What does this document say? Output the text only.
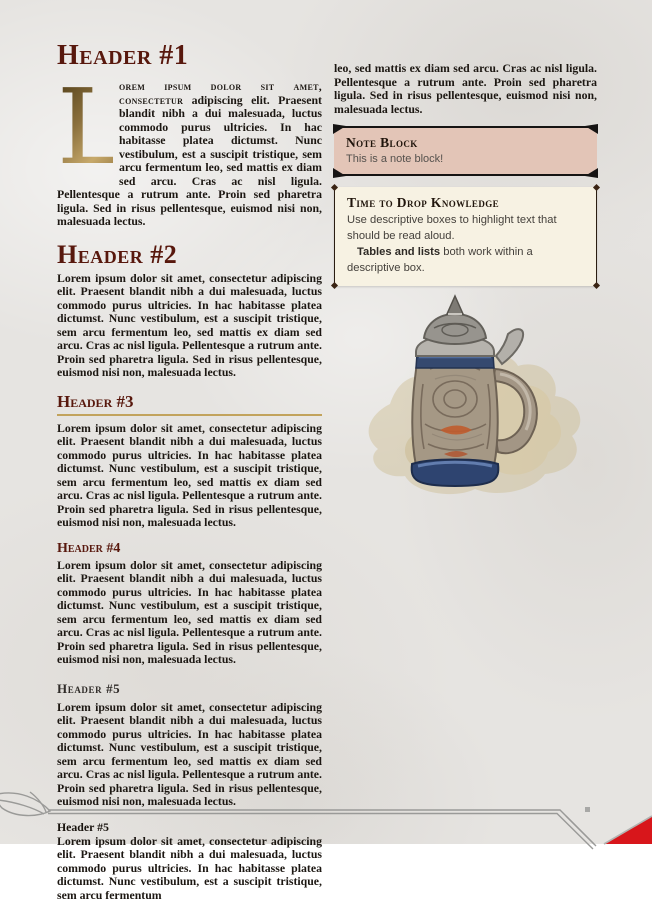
Header #1

L
orem ipsum dolor sit amet, consectetur adipiscing elit. Praesent blandit nibh a dui malesuada, luctus commodo purus ultricies. In hac habitasse platea dictumst. Nunc vestibulum, est a suscipit tristique, sem arcu fermentum leo, sed mattis ex diam sed arcu. Cras ac nisl ligula. Pellentesque a rutrum ante. Proin sed pharetra ligula. Sed in risus pellentesque, euismod nisi non, malesuada lectus.

Header #2

Lorem ipsum dolor sit amet, consectetur adipiscing elit. Praesent blandit nibh a dui malesuada, luctus commodo purus ultricies. In hac habitasse platea dictumst. Nunc vestibulum, est a suscipit tristique, sem arcu fermentum leo, sed mattis ex diam sed arcu. Cras ac nisl ligula. Pellentesque a rutrum ante. Proin sed pharetra ligula. Sed in risus pellentesque, euismod nisi non, malesuada lectus.

Header #3

Lorem ipsum dolor sit amet, consectetur adipiscing elit. Praesent blandit nibh a dui malesuada, luctus commodo purus ultricies. In hac habitasse platea dictumst. Nunc vestibulum, est a suscipit tristique, sem arcu fermentum leo, sed mattis ex diam sed arcu. Cras ac nisl ligula. Pellentesque a rutrum ante. Proin sed pharetra ligula. Sed in risus pellentesque, euismod nisi non, malesuada lectus.

Header #4

Lorem ipsum dolor sit amet, consectetur adipiscing elit. Praesent blandit nibh a dui malesuada, luctus commodo purus ultricies. In hac habitasse platea dictumst. Nunc vestibulum, est a suscipit tristique, sem arcu fermentum leo, sed mattis ex diam sed arcu. Cras ac nisl ligula. Pellentesque a rutrum ante. Proin sed pharetra ligula. Sed in risus pellentesque, euismod nisi non, malesuada lectus.

Header #5

Lorem ipsum dolor sit amet, consectetur adipiscing elit. Praesent blandit nibh a dui malesuada, luctus commodo purus ultricies. In hac habitasse platea dictumst. Nunc vestibulum, est a suscipit tristique, sem arcu fermentum leo, sed mattis ex diam sed arcu. Cras ac nisl ligula. Pellentesque a rutrum ante. Proin sed pharetra ligula. Sed in risus pellentesque, euismod nisi non, malesuada lectus.

Header #5

Lorem ipsum dolor sit amet, consectetur adipiscing elit. Praesent blandit nibh a dui malesuada, luctus commodo purus ultricies. In hac habitasse platea dictumst. Nunc vestibulum, est a suscipit tristique, sem arcu fermentum

leo, sed mattis ex diam sed arcu. Cras ac nisl ligula. Pellentesque a rutrum ante. Proin sed pharetra ligula. Sed in risus pellentesque, euismod nisi non, malesuada lectus.

Note Block

This is a note block!

Time to Drop Knowledge

Use descriptive boxes to highlight text that should be read aloud.

Tables and lists both work within a descriptive box.
